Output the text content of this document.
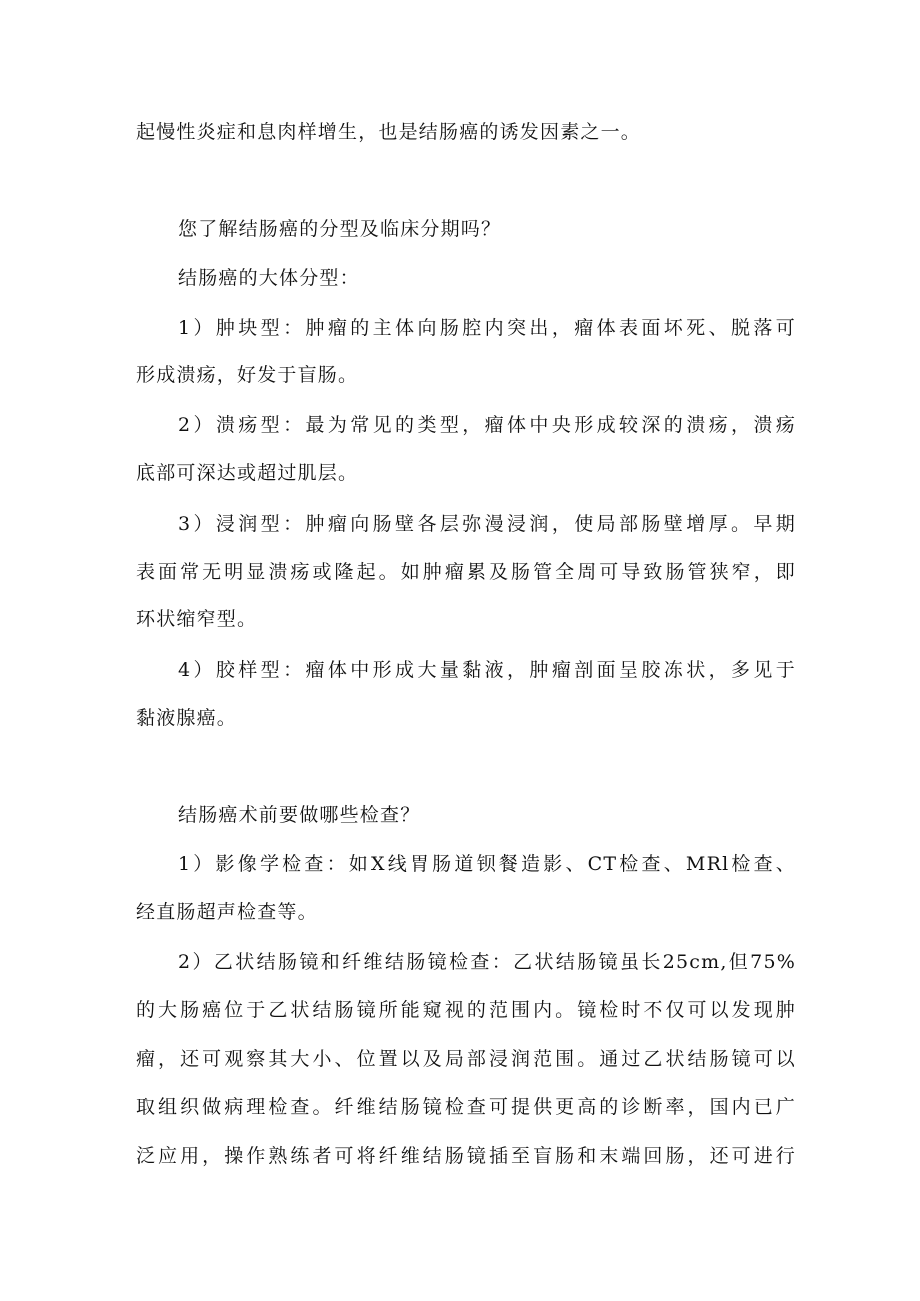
起慢性炎症和息肉样增生，也是结肠癌的诱发因素之一。
您了解结肠癌的分型及临床分期吗？
结肠癌的大体分型：
1）肿块型：肿瘤的主体向肠腔内突出，瘤体表面坏死、脱落可
形成溃疡，好发于盲肠。
2）溃疡型：最为常见的类型，瘤体中央形成较深的溃疡，溃疡
底部可深达或超过肌层。
3）浸润型：肿瘤向肠壁各层弥漫浸润，使局部肠壁增厚。早期
表面常无明显溃疡或隆起。如肿瘤累及肠管全周可导致肠管狭窄，即
环状缩窄型。
4）胶样型：瘤体中形成大量黏液，肿瘤剖面呈胶冻状，多见于
黏液腺癌。
结肠癌术前要做哪些检查？
1）影像学检查：如X线胃肠道钡餐造影、CT检查、MRl检查、
经直肠超声检查等。
2）乙状结肠镜和纤维结肠镜检查：乙状结肠镜虽长25cm,但75%
的大肠癌位于乙状结肠镜所能窥视的范围内。镜检时不仅可以发现肿
瘤，还可观察其大小、位置以及局部浸润范围。通过乙状结肠镜可以
取组织做病理检查。纤维结肠镜检查可提供更高的诊断率，国内已广
泛应用，操作熟练者可将纤维结肠镜插至盲肠和末端回肠，还可进行
